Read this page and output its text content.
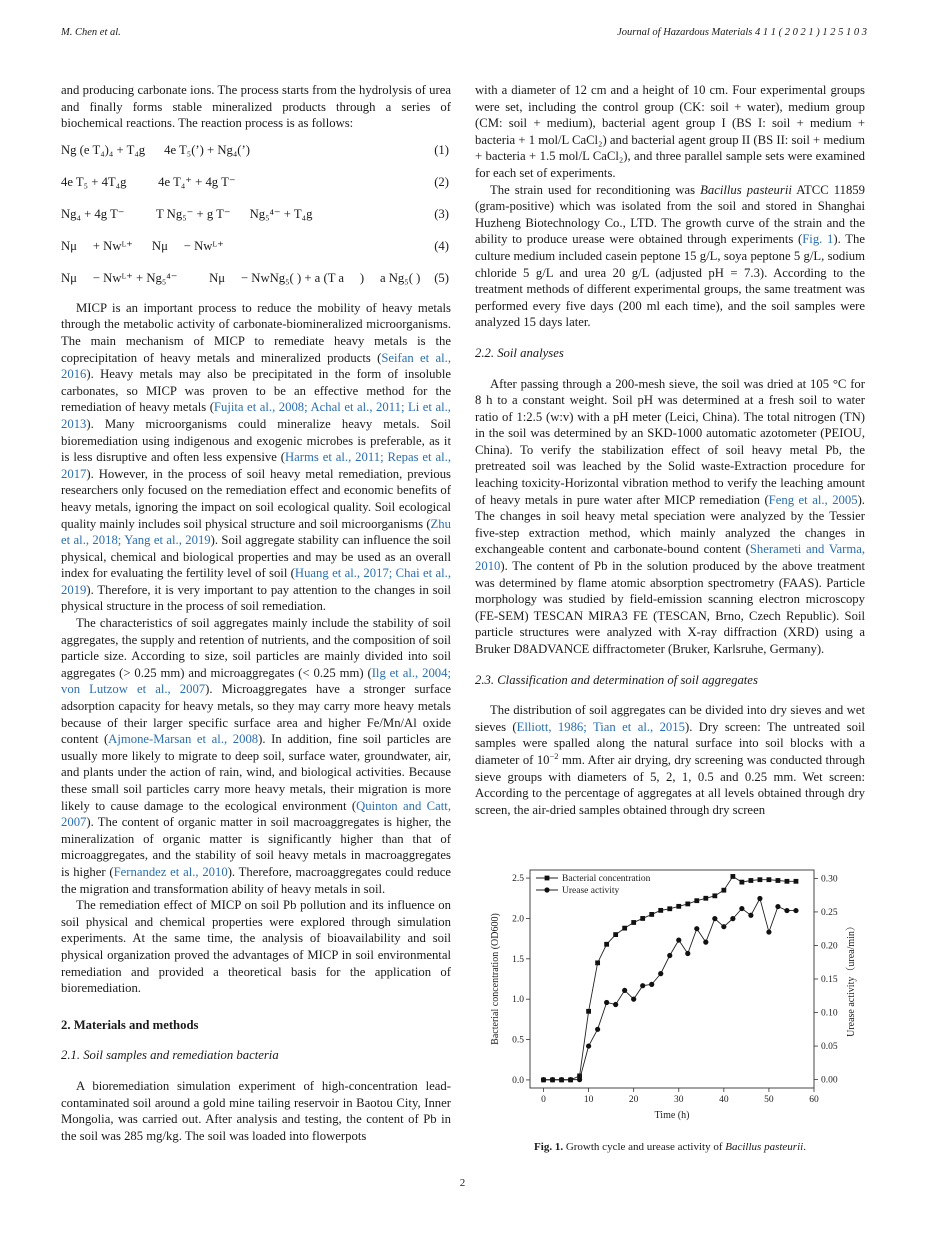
M. Chen et al.	Journal of Hazardous Materials 4 1 1 ( 2 0 2 1 ) 1 2 5 1 0 3

and producing carbonate ions. The process starts from the hydrolysis of urea and finally forms stable mineralized products through a series of biochemical reactions. The reaction process is as follows:

Ng (e T₄)₄ + T₄g   4e T₅(’) + Ng₄(’)	(1)
4e T₅ + 4T₄g    4e T₄⁺ + 4g T⁻	(2)
Ng₄ + 4g T⁻    T Ng₅⁻ + g T⁻   Ng₅⁴⁻ + T₄g	(3)
Nμ  + Nwᴸ⁺   Nμ  − Nwᴸ⁺	(4)
Nμ  − Nwᴸ⁺ + Ng₅⁴⁻    Nμ  − NwNg₅( ) + a (T a  )  a Ng₅( ) (5)

MICP is an important process to reduce the mobility of heavy metals through the metabolic activity of carbonate-biomineralized microorganisms. The main mechanism of MICP to remediate heavy metals is the coprecipitation of heavy metals and mineralized products (Seifan et al., 2016). Heavy metals may also be precipitated in the form of insoluble carbonates, so MICP was proven to be an effective method for the remediation of heavy metals (Fujita et al., 2008; Achal et al., 2011; Li et al., 2013). Many microorganisms could mineralize heavy metals. Soil bioremediation using indigenous and exogenic microbes is preferable, as it is less disruptive and often less expensive (Harms et al., 2011; Repas et al., 2017). However, in the process of soil heavy metal remediation, previous researchers only focused on the remediation effect and economic benefits of heavy metals, ignoring the impact on soil ecological quality. Soil ecological quality mainly includes soil physical structure and soil microorganisms (Zhu et al., 2018; Yang et al., 2019). Soil aggregate stability can influence the soil physical, chemical and biological properties and may be used as an overall index for evaluating the fertility level of soil (Huang et al., 2017; Chai et al., 2019). Therefore, it is very important to pay attention to the changes in soil physical structure in the process of soil remediation.

The characteristics of soil aggregates mainly include the stability of soil aggregates, the supply and retention of nutrients, and the composition of soil particle size. According to size, soil particles are mainly divided into soil aggregates (> 0.25 mm) and microaggregates (< 0.25 mm) (Ilg et al., 2004; von Lutzow et al., 2007). Microaggregates have a stronger surface adsorption capacity for heavy metals, so they may carry more heavy metals because of their larger specific surface area and higher Fe/Mn/Al oxide content (Ajmone-Marsan et al., 2008). In addition, fine soil particles are usually more likely to migrate to deep soil, surface water, groundwater, air, and plants under the action of rain, wind, and biological activities. Because these small soil particles carry more heavy metals, their migration is more likely to cause damage to the ecological environment (Quinton and Catt, 2007). The content of organic matter in soil macroaggregates is higher, the mineralization of organic matter is significantly higher than that of microaggregates, and the stability of soil heavy metals in macroaggregates is higher (Fernandez et al., 2010). Therefore, macroaggregates could reduce the migration and transformation ability of heavy metals in soil.

The remediation effect of MICP on soil Pb pollution and its influence on soil physical and chemical properties were explored through simulation experiments. At the same time, the analysis of bioavailability and soil physical organization proved the advantages of MICP in soil environmental remediation and provided a theoretical basis for the application of bioremediation.

2. Materials and methods
2.1. Soil samples and remediation bacteria

A bioremediation simulation experiment of high-concentration lead-contaminated soil around a gold mine tailing reservoir in Baotou City, Inner Mongolia, was carried out. After analysis and testing, the content of Pb in the soil was 285 mg/kg. The soil was loaded into flowerpots

with a diameter of 12 cm and a height of 10 cm. Four experimental groups were set, including the control group (CK: soil + water), medium group (CM: soil + medium), bacterial agent group I (BS I: soil + medium + bacteria + 1 mol/L CaCl₂) and bacterial agent group II (BS II: soil + medium + bacteria + 1.5 mol/L CaCl₂), and three parallel sample sets were examined for each set of experiments.

The strain used for reconditioning was Bacillus pasteurii ATCC 11859 (gram-positive) which was isolated from the soil and stored in Shanghai Huzheng Biotechnology Co., LTD. The growth curve of the strain and the ability to produce urease were obtained through experiments (Fig. 1). The culture medium included casein peptone 15 g/L, soya peptone 5 g/L, sodium chloride 5 g/L and urea 20 g/L (adjusted pH = 7.3). According to the treatment methods of different experimental groups, the same treatment was performed every five days (200 ml each time), and the soil samples were analyzed 15 days later.

2.2. Soil analyses

After passing through a 200-mesh sieve, the soil was dried at 105 °C for 8 h to a constant weight. Soil pH was determined at a fresh soil to water ratio of 1:2.5 (w:v) with a pH meter (Leici, China). The total nitrogen (TN) in the soil was determined by an SKD-1000 automatic azotometer (PEIOU, China). To verify the stabilization effect of soil heavy metal Pb, the pretreated soil was leached by the Solid waste-Extraction procedure for leaching toxicity-Horizontal vibration method to verify the leaching amount of heavy metals in pure water after MICP remediation (Feng et al., 2005). The changes in soil heavy metal speciation were analyzed by the Tessier five-step extraction method, which mainly analyzed the changes in exchangeable content and carbonate-bound content (Sherameti and Varma, 2010). The content of Pb in the solution produced by the above treatment was determined by flame atomic absorption spectrometry (FAAS). Particle morphology was studied by field-emission scanning electron microscopy (FE-SEM) TESCAN MIRA3 FE (TESCAN, Brno, Czech Republic). Soil particle structures were analyzed with X-ray diffraction (XRD) using a Bruker D8ADVANCE diffractometer (Bruker, Karlsruhe, Germany).

2.3. Classification and determination of soil aggregates

The distribution of soil aggregates can be divided into dry sieves and wet sieves (Elliott, 1986; Tian et al., 2015). Dry screen: The untreated soil samples were spalled along the natural surface into soil blocks with a diameter of $10^{-2}$ mm. After air drying, dry screening was conducted through sieve groups with diameters of 5, 2, 1, 0.5 and 0.25 mm. Wet screen: According to the percentage of aggregates at all levels obtained through dry screen, the air-dried samples obtained through dry screen

0	10	20	30	40	50	60
0.0
0.5
1.0
1.5
2.0
2.5
0.00
0.05
0.10
0.15
0.20
0.25
0.30
Time (h)
Bacterial concentration (OD600)	Urease activity（urea/min）
Bacterial concentration
Urease activity
Fig. 1. Growth cycle and urease activity of Bacillus pasteurii.
2
